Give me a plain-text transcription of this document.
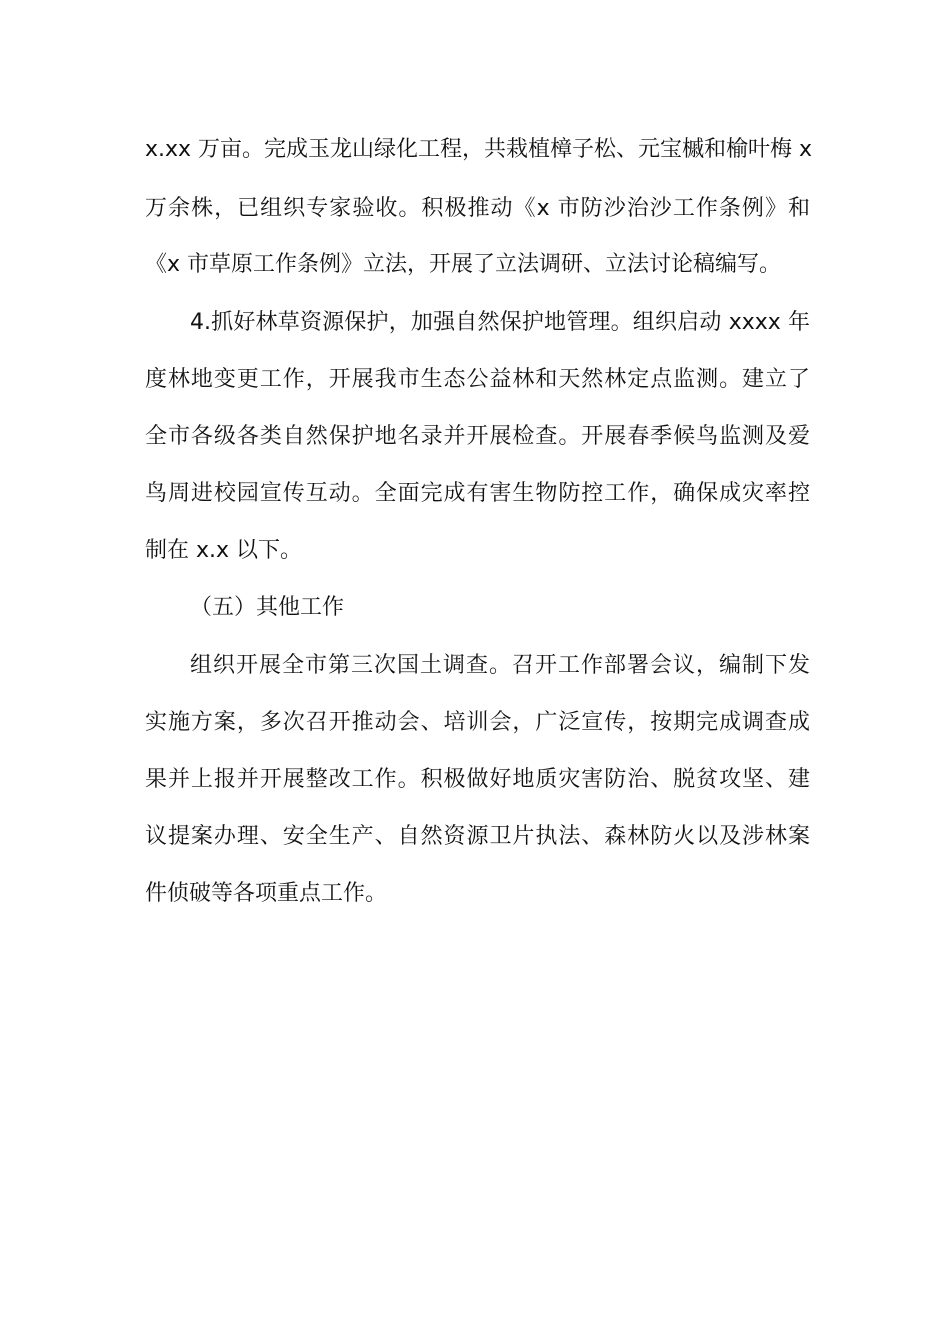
x.xx 万亩。完成玉龙山绿化工程，共栽植樟子松、元宝槭和榆叶梅 x
万余株，已组织专家验收。积极推动《x 市防沙治沙工作条例》和
《x 市草原工作条例》立法，开展了立法调研、立法讨论稿编写。
4.抓好林草资源保护，加强自然保护地管理。组织启动 xxxx 年
度林地变更工作，开展我市生态公益林和天然林定点监测。建立了
全市各级各类自然保护地名录并开展检查。开展春季候鸟监测及爱
鸟周进校园宣传互动。全面完成有害生物防控工作，确保成灾率控
制在 x.x 以下。
（五）其他工作
组织开展全市第三次国土调查。召开工作部署会议，编制下发
实施方案，多次召开推动会、培训会，广泛宣传，按期完成调查成
果并上报并开展整改工作。积极做好地质灾害防治、脱贫攻坚、建
议提案办理、安全生产、自然资源卫片执法、森林防火以及涉林案
件侦破等各项重点工作。
